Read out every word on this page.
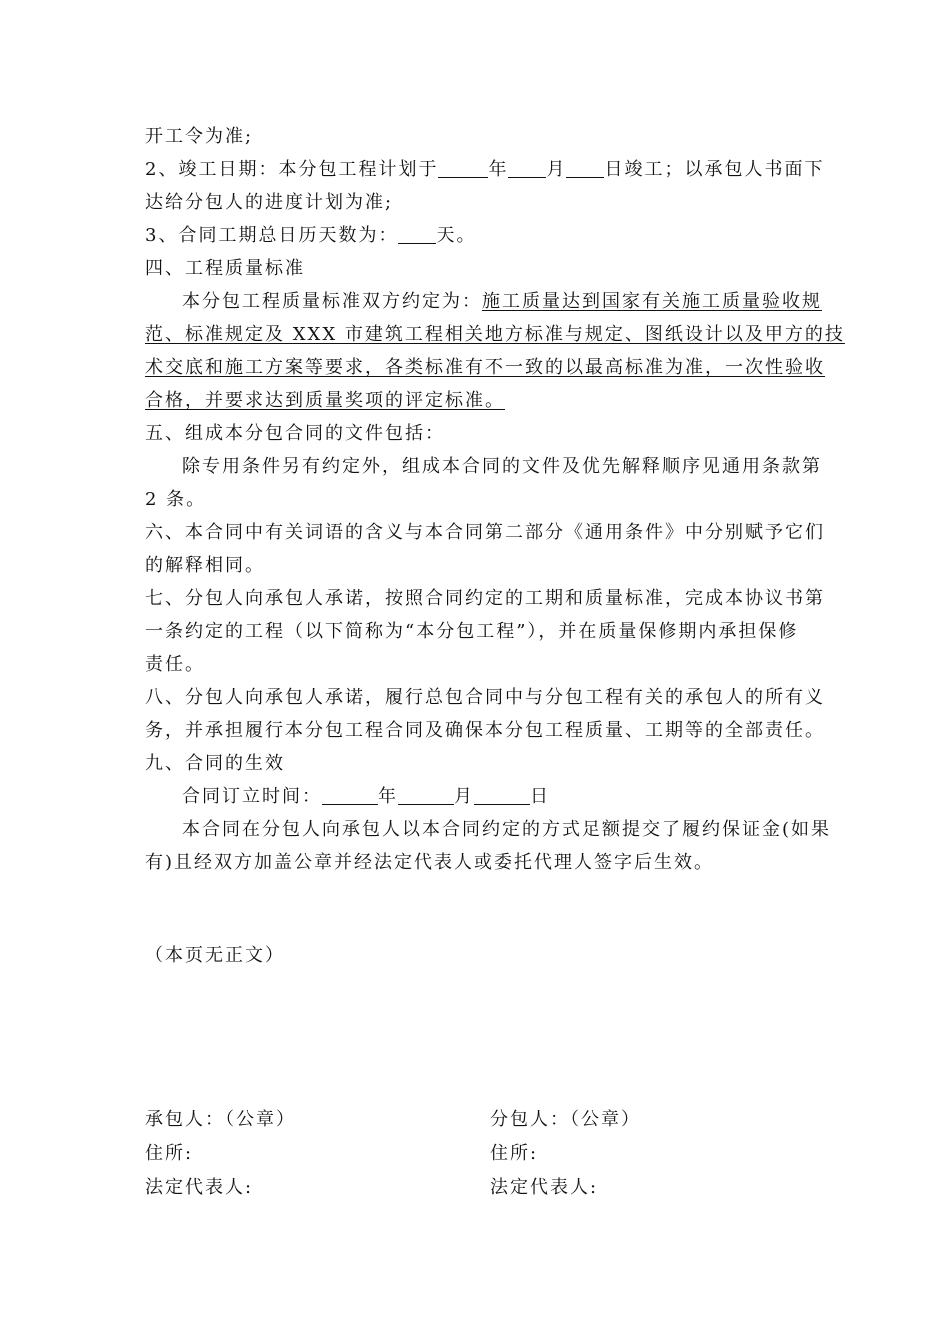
开工令为准;
2、竣工日期：本分包工程计划于	年 月 日竣工；以承包人书面下
达给分包人的进度计划为准;
3、合同工期总日历天数为： 天。
四、工程质量标准
本分包工程质量标准双方约定为：施工质量达到国家有关施工质量验收规
范、标准规定及 XXX 市建筑工程相关地方标准与规定、图纸设计以及甲方的技
术交底和施工方案等要求，各类标准有不一致的以最高标准为准，一次性验收
合格，并要求达到质量奖项的评定标准。
五、组成本分包合同的文件包括：
除专用条件另有约定外，组成本合同的文件及优先解释顺序见通用条款第
2 条。
六、本合同中有关词语的含义与本合同第二部分《通用条件》中分别赋予它们
的解释相同。
七、分包人向承包人承诺，按照合同约定的工期和质量标准，完成本协议书第
一条约定的工程（以下简称为“本分包工程”），并在质量保修期内承担保修
责任。
八、分包人向承包人承诺，履行总包合同中与分包工程有关的承包人的所有义
务，并承担履行本分包工程合同及确保本分包工程质量、工期等的全部责任。
九、合同的生效
合同订立时间：	年	月	日
本合同在分包人向承包人以本合同约定的方式足额提交了履约保证金(如果
有)且经双方加盖公章并经法定代表人或委托代理人签字后生效。
（本页无正文）
承包人：（公章）	分包人：（公章）
住所:	住所:
法定代表人:	法定代表人:
